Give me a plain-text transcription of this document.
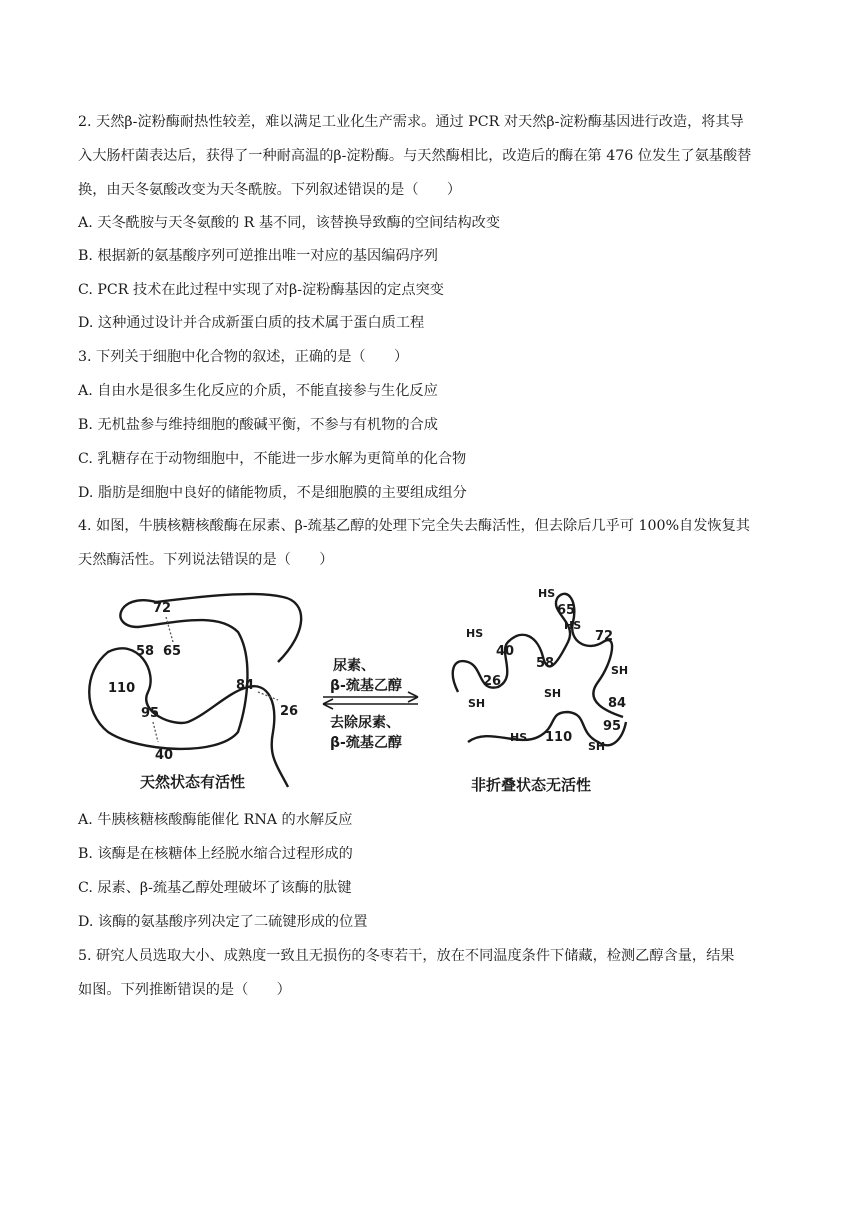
2. 天然β-淀粉酶耐热性较差，难以满足工业化生产需求。通过 PCR 对天然β-淀粉酶基因进行改造，将其导
入大肠杆菌表达后，获得了一种耐高温的β-淀粉酶。与天然酶相比，改造后的酶在第 476 位发生了氨基酸替
换，由天冬氨酸改变为天冬酰胺。下列叙述错误的是（　　）
A. 天冬酰胺与天冬氨酸的 R 基不同，该替换导致酶的空间结构改变
B. 根据新的氨基酸序列可逆推出唯一对应的基因编码序列
C. PCR 技术在此过程中实现了对β-淀粉酶基因的定点突变
D. 这种通过设计并合成新蛋白质的技术属于蛋白质工程
3. 下列关于细胞中化合物的叙述，正确的是（　　）
A. 自由水是很多生化反应的介质，不能直接参与生化反应
B. 无机盐参与维持细胞的酸碱平衡，不参与有机物的合成
C. 乳糖存在于动物细胞中，不能进一步水解为更简单的化合物
D. 脂肪是细胞中良好的储能物质，不是细胞膜的主要组成组分
4. 如图，牛胰核糖核酸酶在尿素、β-巯基乙醇的处理下完全失去酶活性，但去除后几乎可 100%自发恢复其
天然酶活性。下列说法错误的是（　　）
72
58 65
110
95
84
26
40
天然状态有活性
尿素、
β-巯基乙醇
去除尿素、
β-巯基乙醇
HS
65
HS
72
HS
40
58
SH
26
SH
SH
84
95
SH
HS 110
非折叠状态无活性
A. 牛胰核糖核酸酶能催化 RNA 的水解反应
B. 该酶是在核糖体上经脱水缩合过程形成的
C. 尿素、β-巯基乙醇处理破坏了该酶的肽键
D. 该酶的氨基酸序列决定了二硫键形成的位置
5. 研究人员选取大小、成熟度一致且无损伤的冬枣若干，放在不同温度条件下储藏，检测乙醇含量，结果
如图。下列推断错误的是（　　）
